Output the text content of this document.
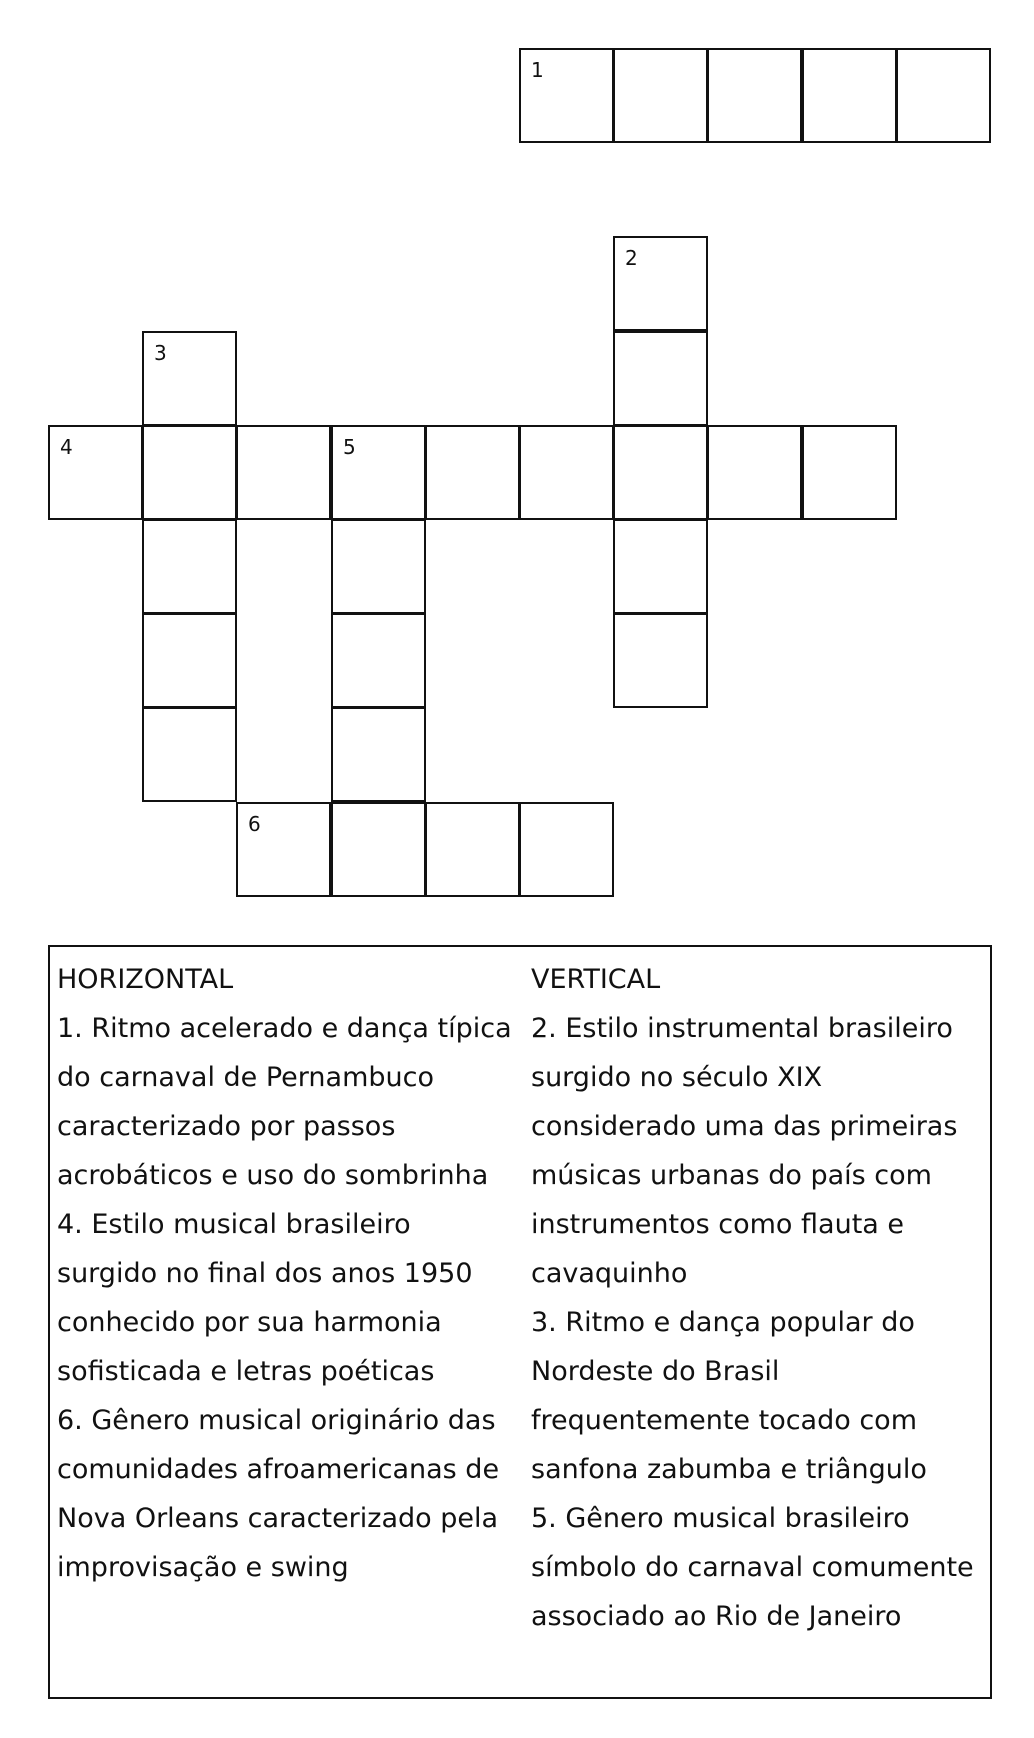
1
2
3
4	5
6
HORIZONTAL
1. Ritmo acelerado e dança típica
do carnaval de Pernambuco
caracterizado por passos
acrobáticos e uso do sombrinha
4. Estilo musical brasileiro
surgido no final dos anos 1950
conhecido por sua harmonia
sofisticada e letras poéticas
6. Gênero musical originário das
comunidades afroamericanas de
Nova Orleans caracterizado pela
improvisação e swing
VERTICAL
2. Estilo instrumental brasileiro
surgido no século XIX
considerado uma das primeiras
músicas urbanas do país com
instrumentos como flauta e
cavaquinho
3. Ritmo e dança popular do
Nordeste do Brasil
frequentemente tocado com
sanfona zabumba e triângulo
5. Gênero musical brasileiro
símbolo do carnaval comumente
associado ao Rio de Janeiro
